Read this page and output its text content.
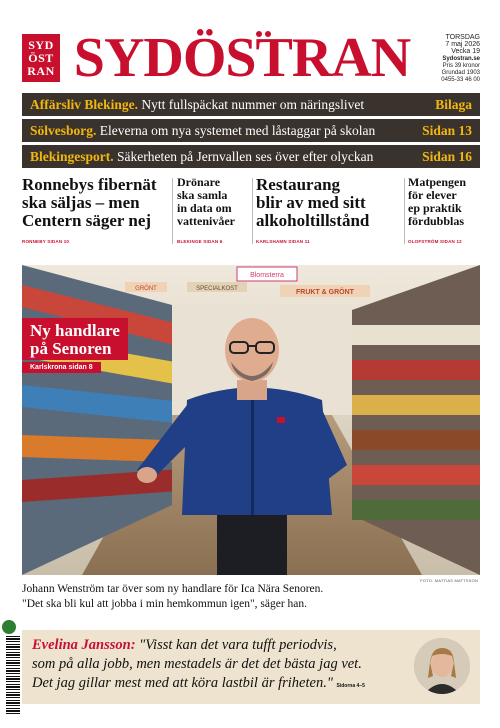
SYD
ÖST
RAN SYDÖSTRAN	TORSDAG
7 maj 2026
Vecka 19
Sydostran.se
Pris 39 kronor
Grundad 1903
0455-33 46 00
Affärsliv Blekinge. Nytt fullspäckat nummer om näringslivet	Bilaga
Sölvesborg. Eleverna om nya systemet med låstaggar på skolan	Sidan 13
Blekingesport. Säkerheten på Jernvallen ses över efter olyckan	Sidan 16
Ronnebys fibernät
ska säljas – men
Centern säger nej
RONNEBY SIDAN 10
Drönare
ska samla
in data om
vattenivåer
BLEKINGE SIDAN 6
Restaurang
blir av med sitt
alkoholtillstånd
KARLSHAMN SIDAN 11
Matpengen
för elever
ep praktik
fördubblas
OLOFSTRÖM SIDAN 12
Blomsterra
SPECIALKOST	FRUKT & GRÖNT
GRÖNT
Ny handlare
på Senoren
Karlskrona sidan 8
FOTO: MATTIAS MATTSSON
Johann Wenström tar över som ny handlare för Ica Nära Senoren.
"Det ska bli kul att jobba i min hemkommun igen", säger han.
Evelina Jansson: "Visst kan det vara tufft periodvis,
som på alla jobb, men mestadels är det det bästa jag vet.
Det jag gillar mest med att köra lastbil är friheten." Sidorna 4–5
